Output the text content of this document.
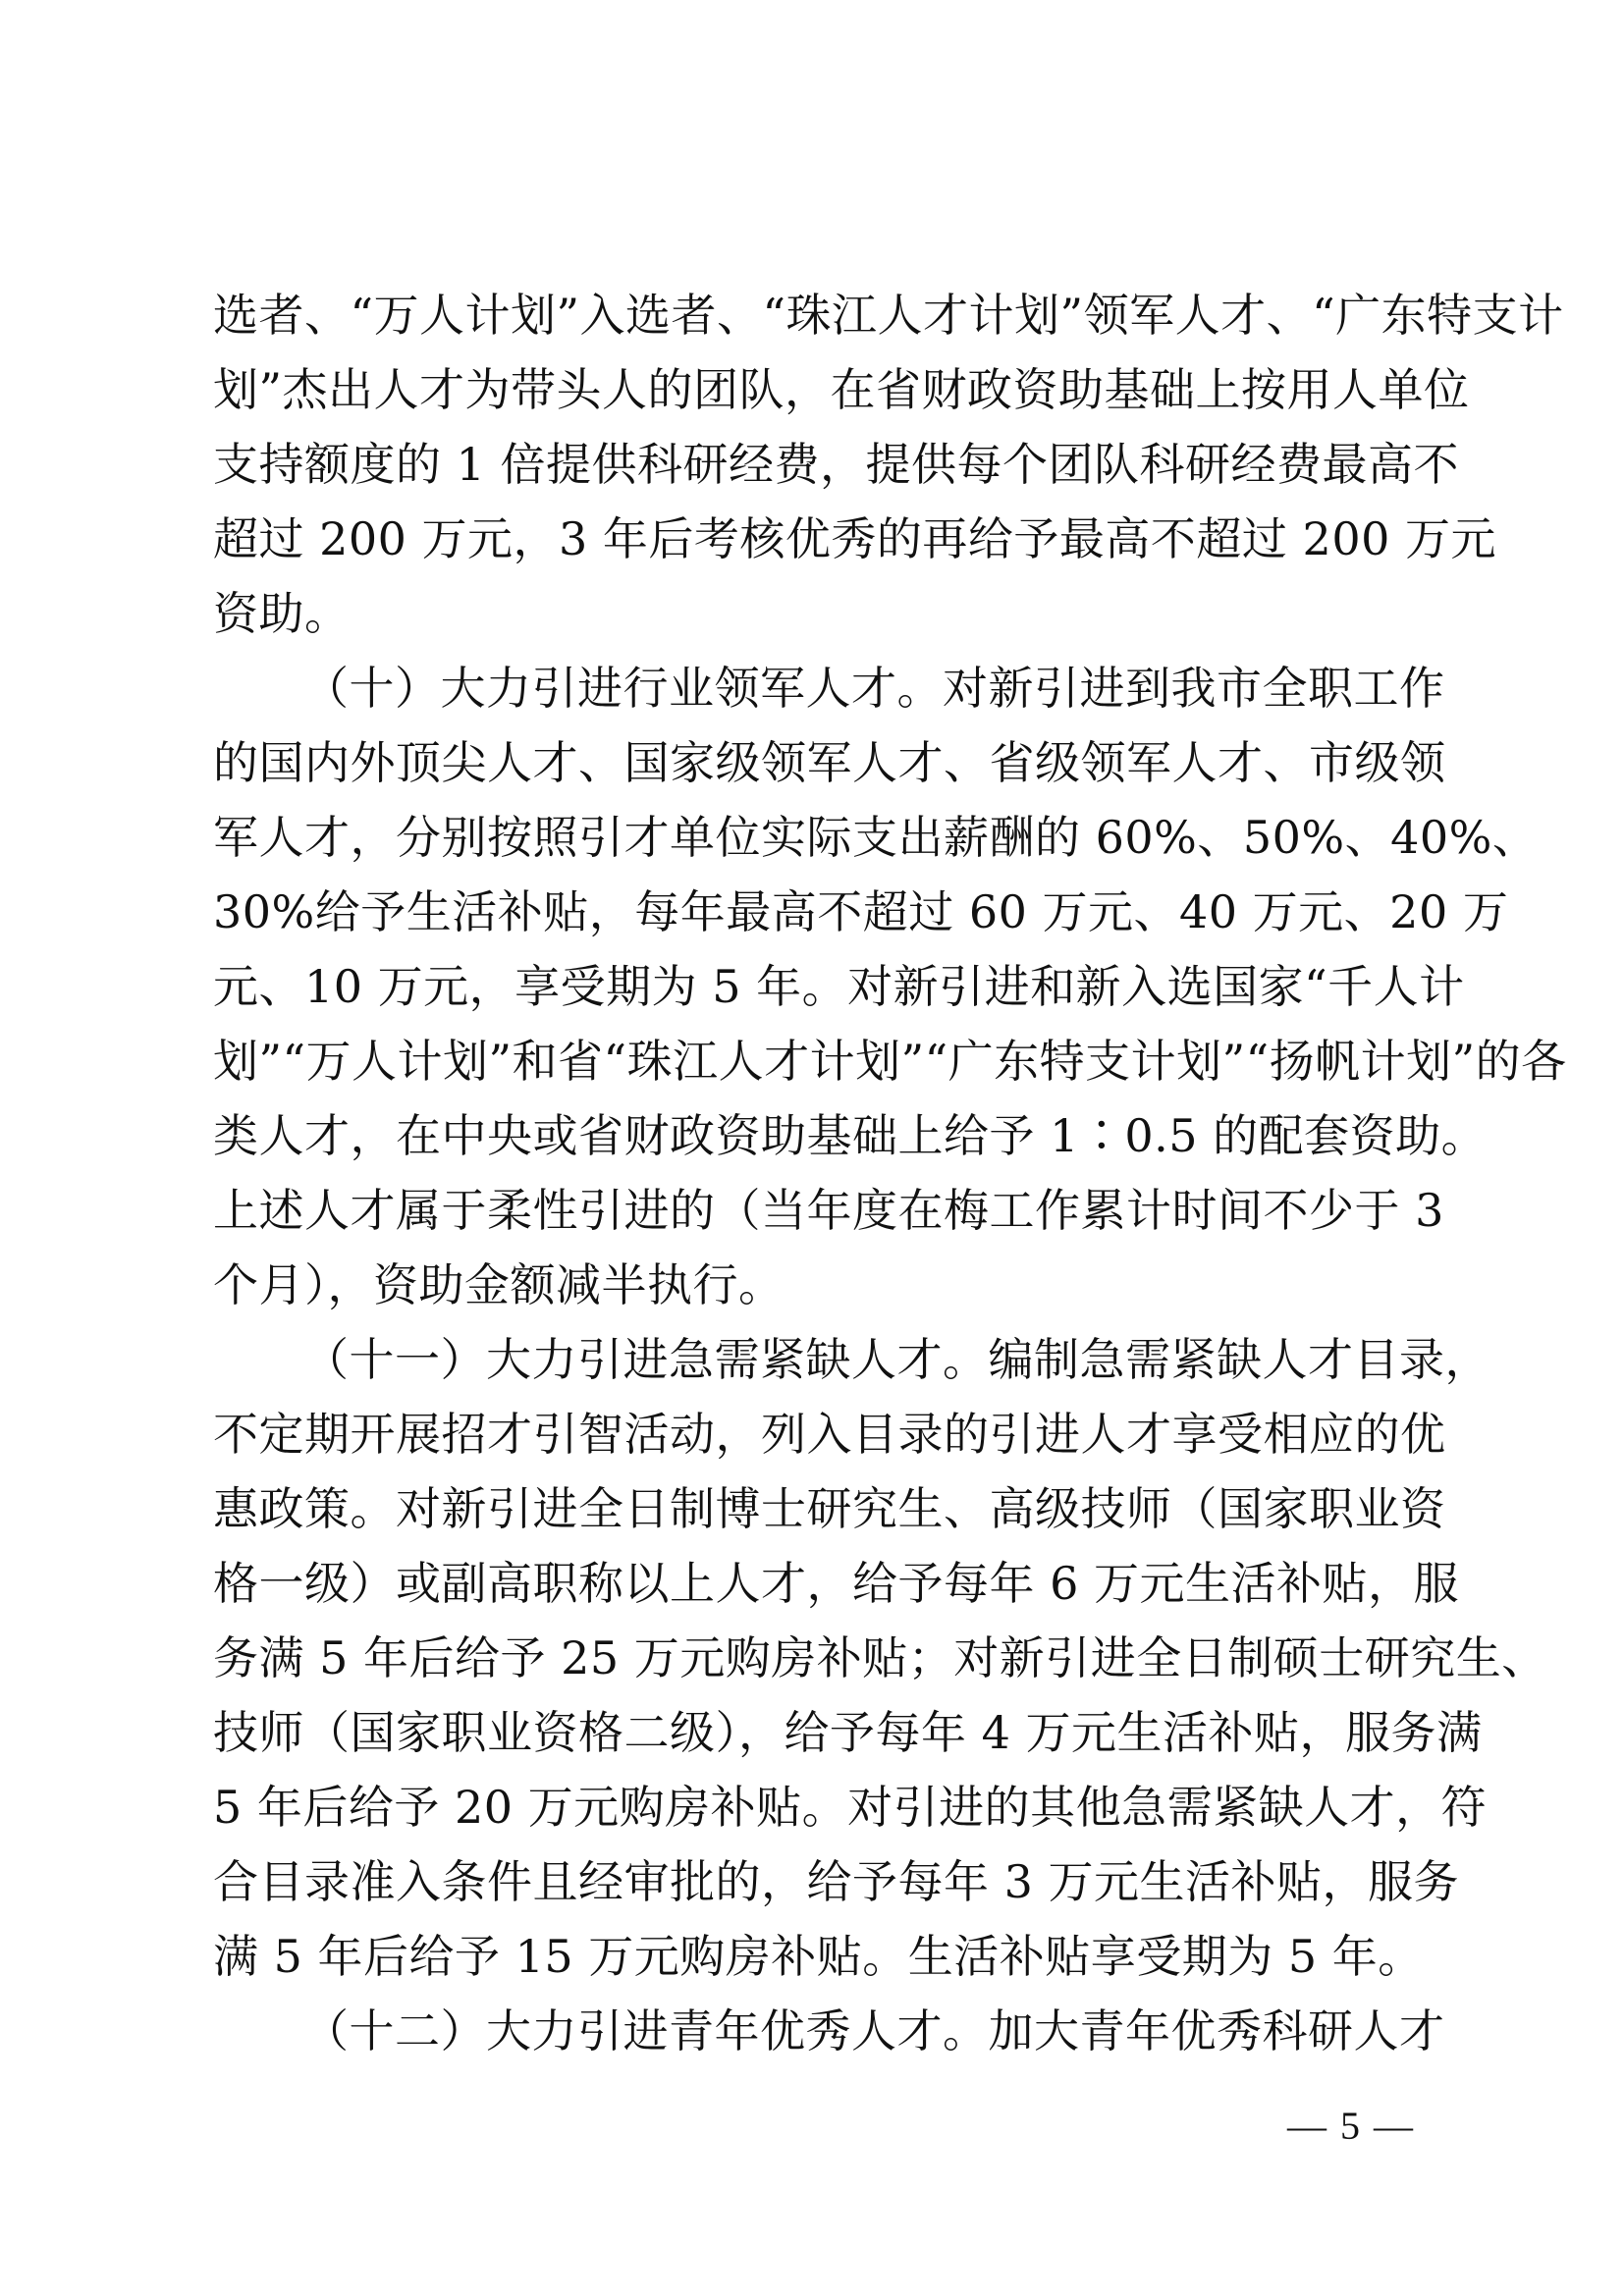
选者、“万人计划”入选者、“珠江人才计划”领军人才、“广东特支计
划”杰出人才为带头人的团队，在省财政资助基础上按用人单位
支持额度的 1 倍提供科研经费，提供每个团队科研经费最高不
超过 200 万元，3 年后考核优秀的再给予最高不超过 200 万元
资助。
（十）大力引进行业领军人才。对新引进到我市全职工作
的国内外顶尖人才、国家级领军人才、省级领军人才、市级领
军人才，分别按照引才单位实际支出薪酬的 60%、50%、40%、
30%给予生活补贴，每年最高不超过 60 万元、40 万元、20 万
元、10 万元，享受期为 5 年。对新引进和新入选国家“千人计
划”“万人计划”和省“珠江人才计划”“广东特支计划”“扬帆计划”的各
类人才，在中央或省财政资助基础上给予 1∶0.5 的配套资助。
上述人才属于柔性引进的（当年度在梅工作累计时间不少于 3
个月），资助金额减半执行。
（十一）大力引进急需紧缺人才。编制急需紧缺人才目录，
不定期开展招才引智活动，列入目录的引进人才享受相应的优
惠政策。对新引进全日制博士研究生、高级技师（国家职业资
格一级）或副高职称以上人才，给予每年 6 万元生活补贴，服
务满 5 年后给予 25 万元购房补贴；对新引进全日制硕士研究生、
技师（国家职业资格二级），给予每年 4 万元生活补贴，服务满
5 年后给予 20 万元购房补贴。对引进的其他急需紧缺人才，符
合目录准入条件且经审批的，给予每年 3 万元生活补贴，服务
满 5 年后给予 15 万元购房补贴。生活补贴享受期为 5 年。
（十二）大力引进青年优秀人才。加大青年优秀科研人才
— 5 —
